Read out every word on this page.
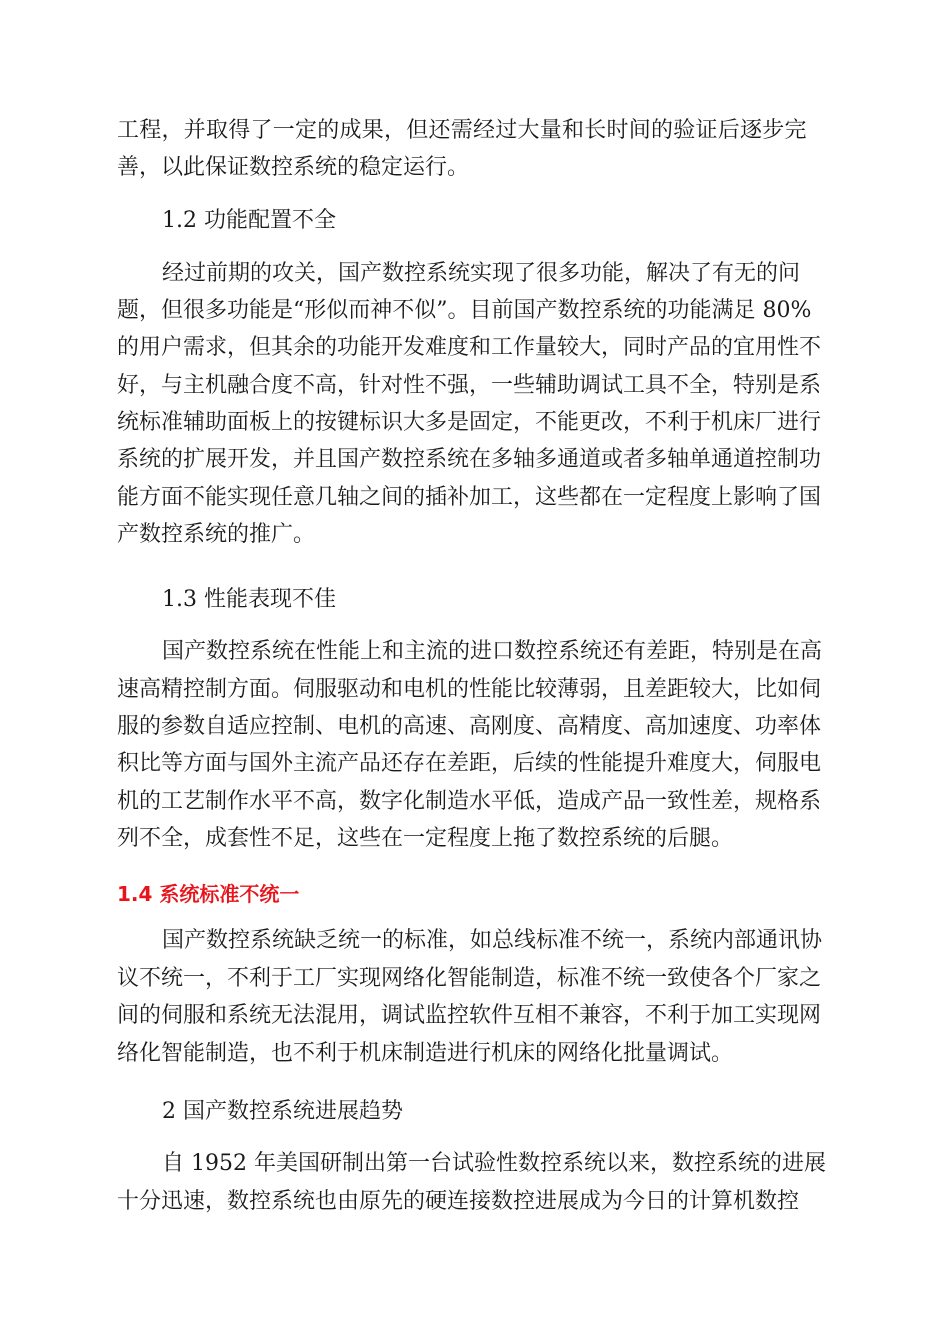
工程，并取得了一定的成果，但还需经过大量和长时间的验证后逐步完
善，以此保证数控系统的稳定运行。
1.2 功能配置不全
经过前期的攻关，国产数控系统实现了很多功能，解决了有无的问
题，但很多功能是“形似而神不似”。目前国产数控系统的功能满足 80%
的用户需求，但其余的功能开发难度和工作量较大，同时产品的宜用性不
好，与主机融合度不高，针对性不强，一些辅助调试工具不全，特别是系
统标准辅助面板上的按键标识大多是固定，不能更改，不利于机床厂进行
系统的扩展开发，并且国产数控系统在多轴多通道或者多轴单通道控制功
能方面不能实现任意几轴之间的插补加工，这些都在一定程度上影响了国
产数控系统的推广。
1.3 性能表现不佳
国产数控系统在性能上和主流的进口数控系统还有差距，特别是在高
速高精控制方面。伺服驱动和电机的性能比较薄弱，且差距较大，比如伺
服的参数自适应控制、电机的高速、高刚度、高精度、高加速度、功率体
积比等方面与国外主流产品还存在差距，后续的性能提升难度大，伺服电
机的工艺制作水平不高，数字化制造水平低，造成产品一致性差，规格系
列不全，成套性不足，这些在一定程度上拖了数控系统的后腿。
1.4 系统标准不统一
国产数控系统缺乏统一的标准，如总线标准不统一，系统内部通讯协
议不统一，不利于工厂实现网络化智能制造，标准不统一致使各个厂家之
间的伺服和系统无法混用，调试监控软件互相不兼容，不利于加工实现网
络化智能制造，也不利于机床制造进行机床的网络化批量调试。
2 国产数控系统进展趋势
自 1952 年美国研制出第一台试验性数控系统以来，数控系统的进展
十分迅速，数控系统也由原先的硬连接数控进展成为今日的计算机数控
